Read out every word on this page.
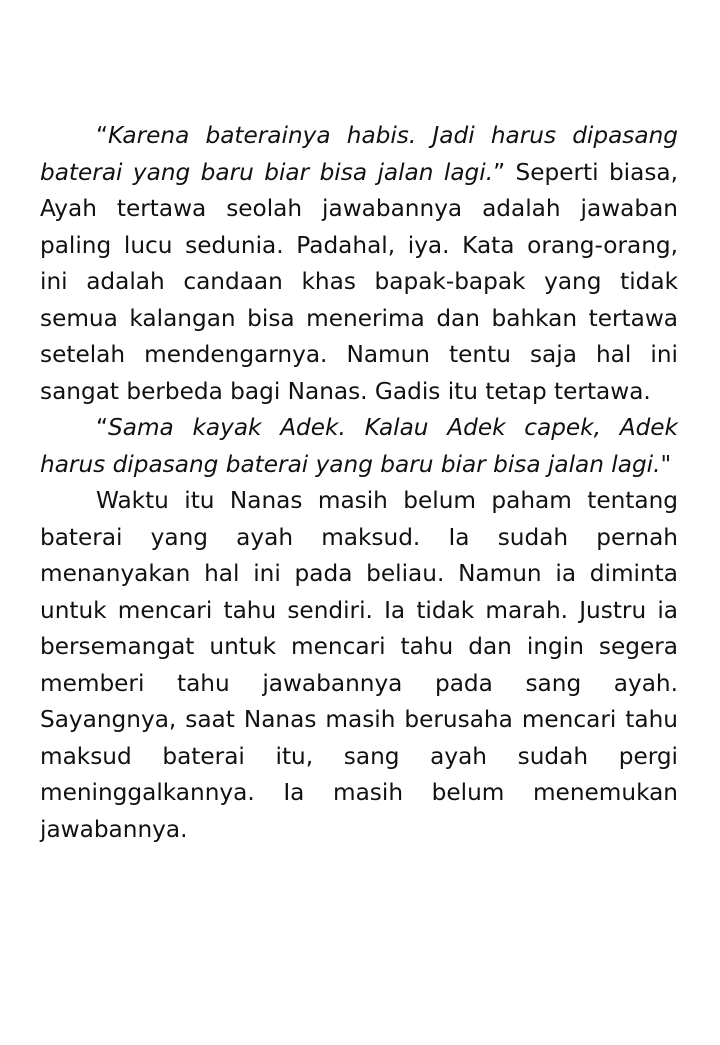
“Karena baterainya habis. Jadi harus dipasang baterai yang baru biar bisa jalan lagi.” Seperti biasa, Ayah tertawa seolah jawabannya adalah jawaban paling lucu sedunia. Padahal, iya. Kata orang-orang, ini adalah candaan khas bapak-bapak yang tidak semua kalangan bisa menerima dan bahkan tertawa setelah mendengarnya. Namun tentu saja hal ini sangat berbeda bagi Nanas. Gadis itu tetap tertawa.

“Sama kayak Adek. Kalau Adek capek, Adek harus dipasang baterai yang baru biar bisa jalan lagi."

Waktu itu Nanas masih belum paham tentang baterai yang ayah maksud. Ia sudah pernah menanyakan hal ini pada beliau. Namun ia diminta untuk mencari tahu sendiri. Ia tidak marah. Justru ia bersemangat untuk mencari tahu dan ingin segera memberi tahu jawabannya pada sang ayah. Sayangnya, saat Nanas masih berusaha mencari tahu maksud baterai itu, sang ayah sudah pergi meninggalkannya. Ia masih belum menemukan jawabannya.
